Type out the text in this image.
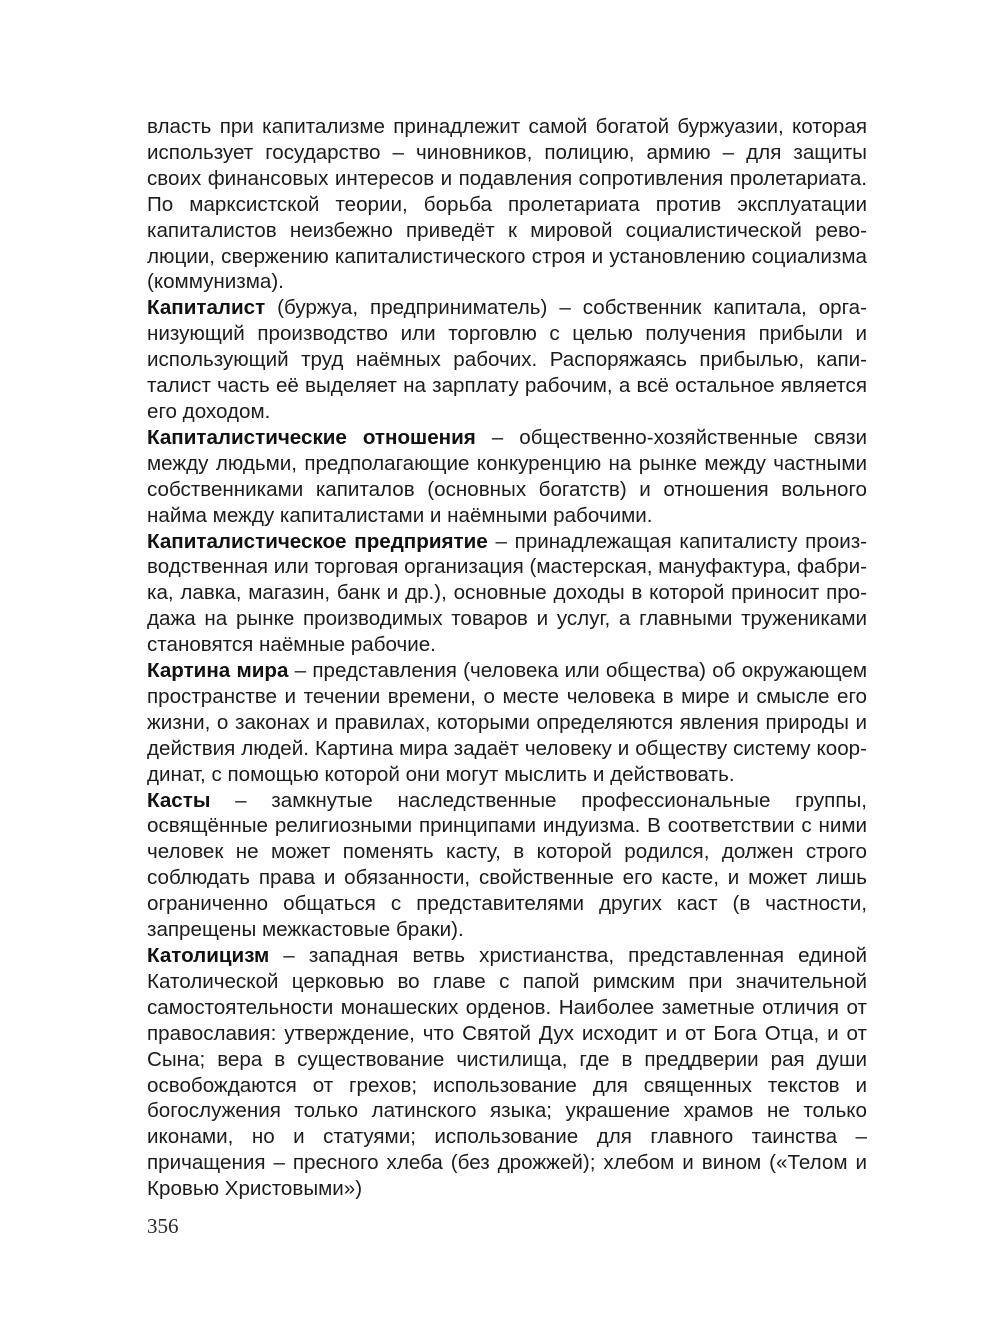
власть при капитализме принадлежит самой богатой буржуазии, которая использует государство – чиновников, полицию, армию – для защиты своих финансовых интересов и подавления сопротивления пролетариата. По марксистской теории, борьба пролетариата против эксплуатации капиталистов неизбежно приведёт к мировой социалистической революции, свержению капиталистического строя и установлению социализма (коммунизма).

Капиталист (буржуа, предприниматель) – собственник капитала, организующий производство или торговлю с целью получения прибыли и использующий труд наёмных рабочих. Распоряжаясь прибылью, капиталист часть её выделяет на зарплату рабочим, а всё остальное является его доходом.

Капиталистические отношения – общественно-хозяйственные связи между людьми, предполагающие конкуренцию на рынке между частными собственниками капиталов (основных богатств) и отношения вольного найма между капиталистами и наёмными рабочими.

Капиталистическое предприятие – принадлежащая капиталисту производственная или торговая организация (мастерская, мануфактура, фабрика, лавка, магазин, банк и др.), основные доходы в которой приносит продажа на рынке производимых товаров и услуг, а главными тружениками становятся наёмные рабочие.

Картина мира – представления (человека или общества) об окружающем пространстве и течении времени, о месте человека в мире и смысле его жизни, о законах и правилах, которыми определяются явления природы и действия людей. Картина мира задаёт человеку и обществу систему координат, с помощью которой они могут мыслить и действовать.

Касты – замкнутые наследственные профессиональные группы, освящённые религиозными принципами индуизма. В соответствии с ними человек не может поменять касту, в которой родился, должен строго соблюдать права и обязанности, свойственные его касте, и может лишь ограниченно общаться с представителями других каст (в частности, запрещены межкастовые браки).

Католицизм – западная ветвь христианства, представленная единой Католической церковью во главе с папой римским при значительной самостоятельности монашеских орденов. Наиболее заметные отличия от православия: утверждение, что Святой Дух исходит и от Бога Отца, и от Сына; вера в существование чистилища, где в преддверии рая души освобождаются от грехов; использование для священных текстов и богослужения только латинского языка; украшение храмов не только иконами, но и статуями; использование для главного таинства – причащения – пресного хлеба (без дрожжей); хлебом и вином («Телом и Кровью Христовыми»)

356
